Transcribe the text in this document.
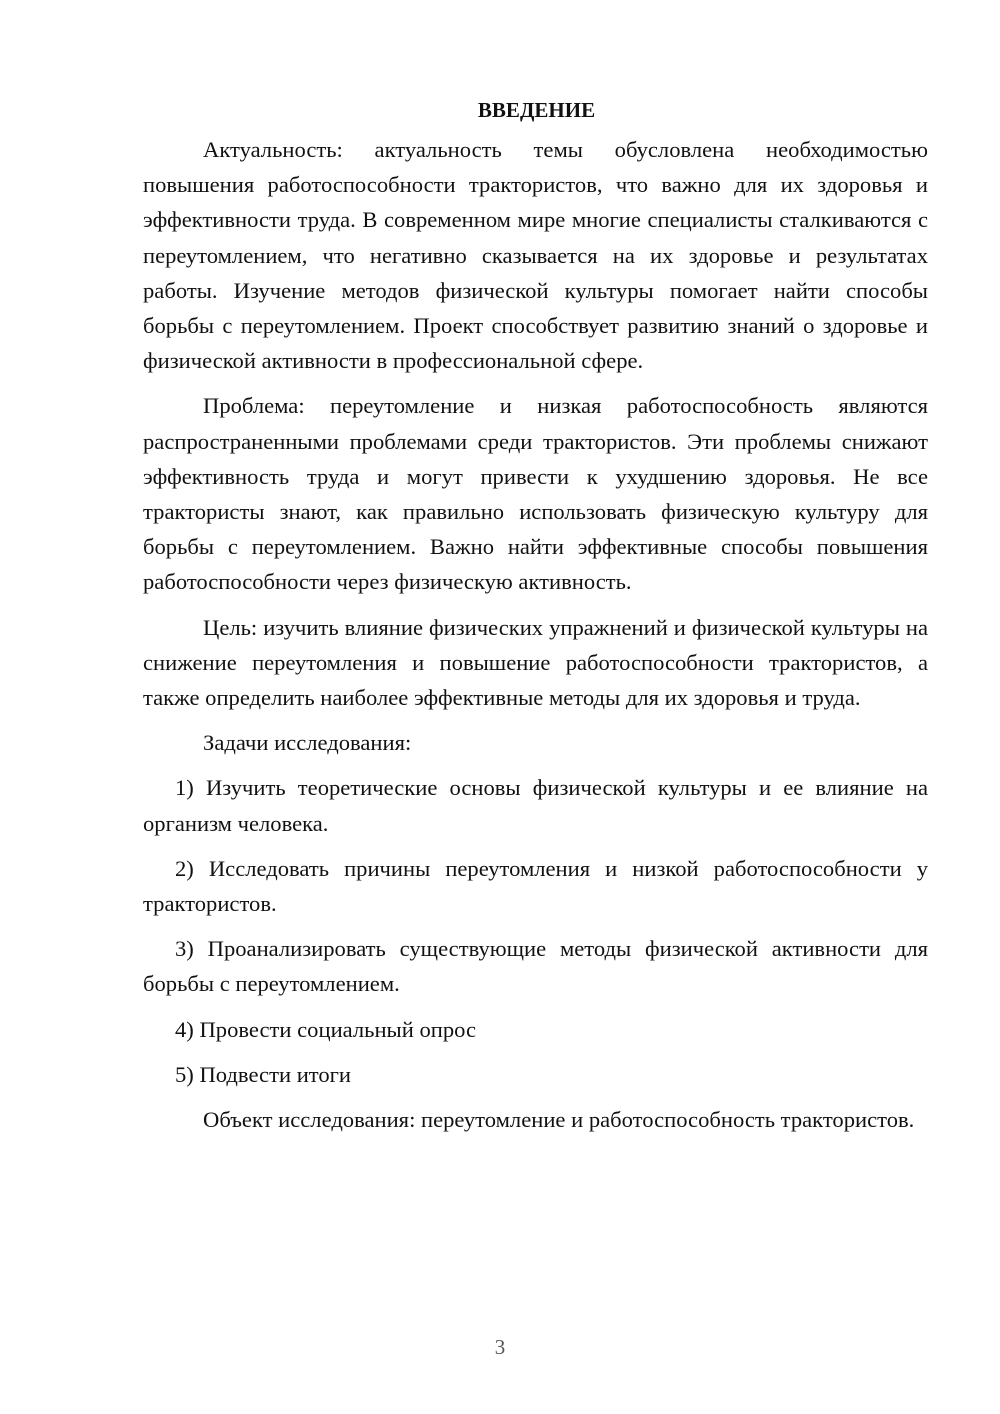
ВВЕДЕНИЕ

Актуальность: актуальность темы обусловлена необходимостью повышения работоспособности трактористов, что важно для их здоровья и эффективности труда. В современном мире многие специалисты сталкиваются с переутомлением, что негативно сказывается на их здоровье и результатах работы. Изучение методов физической культуры помогает найти способы борьбы с переутомлением. Проект способствует развитию знаний о здоровье и физической активности в профессиональной сфере.

Проблема: переутомление и низкая работоспособность являются распространенными проблемами среди трактористов. Эти проблемы снижают эффективность труда и могут привести к ухудшению здоровья. Не все трактористы знают, как правильно использовать физическую культуру для борьбы с переутомлением. Важно найти эффективные способы повышения работоспособности через физическую активность.

Цель: изучить влияние физических упражнений и физической культуры на снижение переутомления и повышение работоспособности трактористов, а также определить наиболее эффективные методы для их здоровья и труда.

Задачи исследования:

1) Изучить теоретические основы физической культуры и ее влияние на организм человека.

2) Исследовать причины переутомления и низкой работоспособности у трактористов.

3) Проанализировать существующие методы физической активности для борьбы с переутомлением.

4) Провести социальный опрос

5) Подвести итоги

Объект исследования: переутомление и работоспособность трактористов.

3
